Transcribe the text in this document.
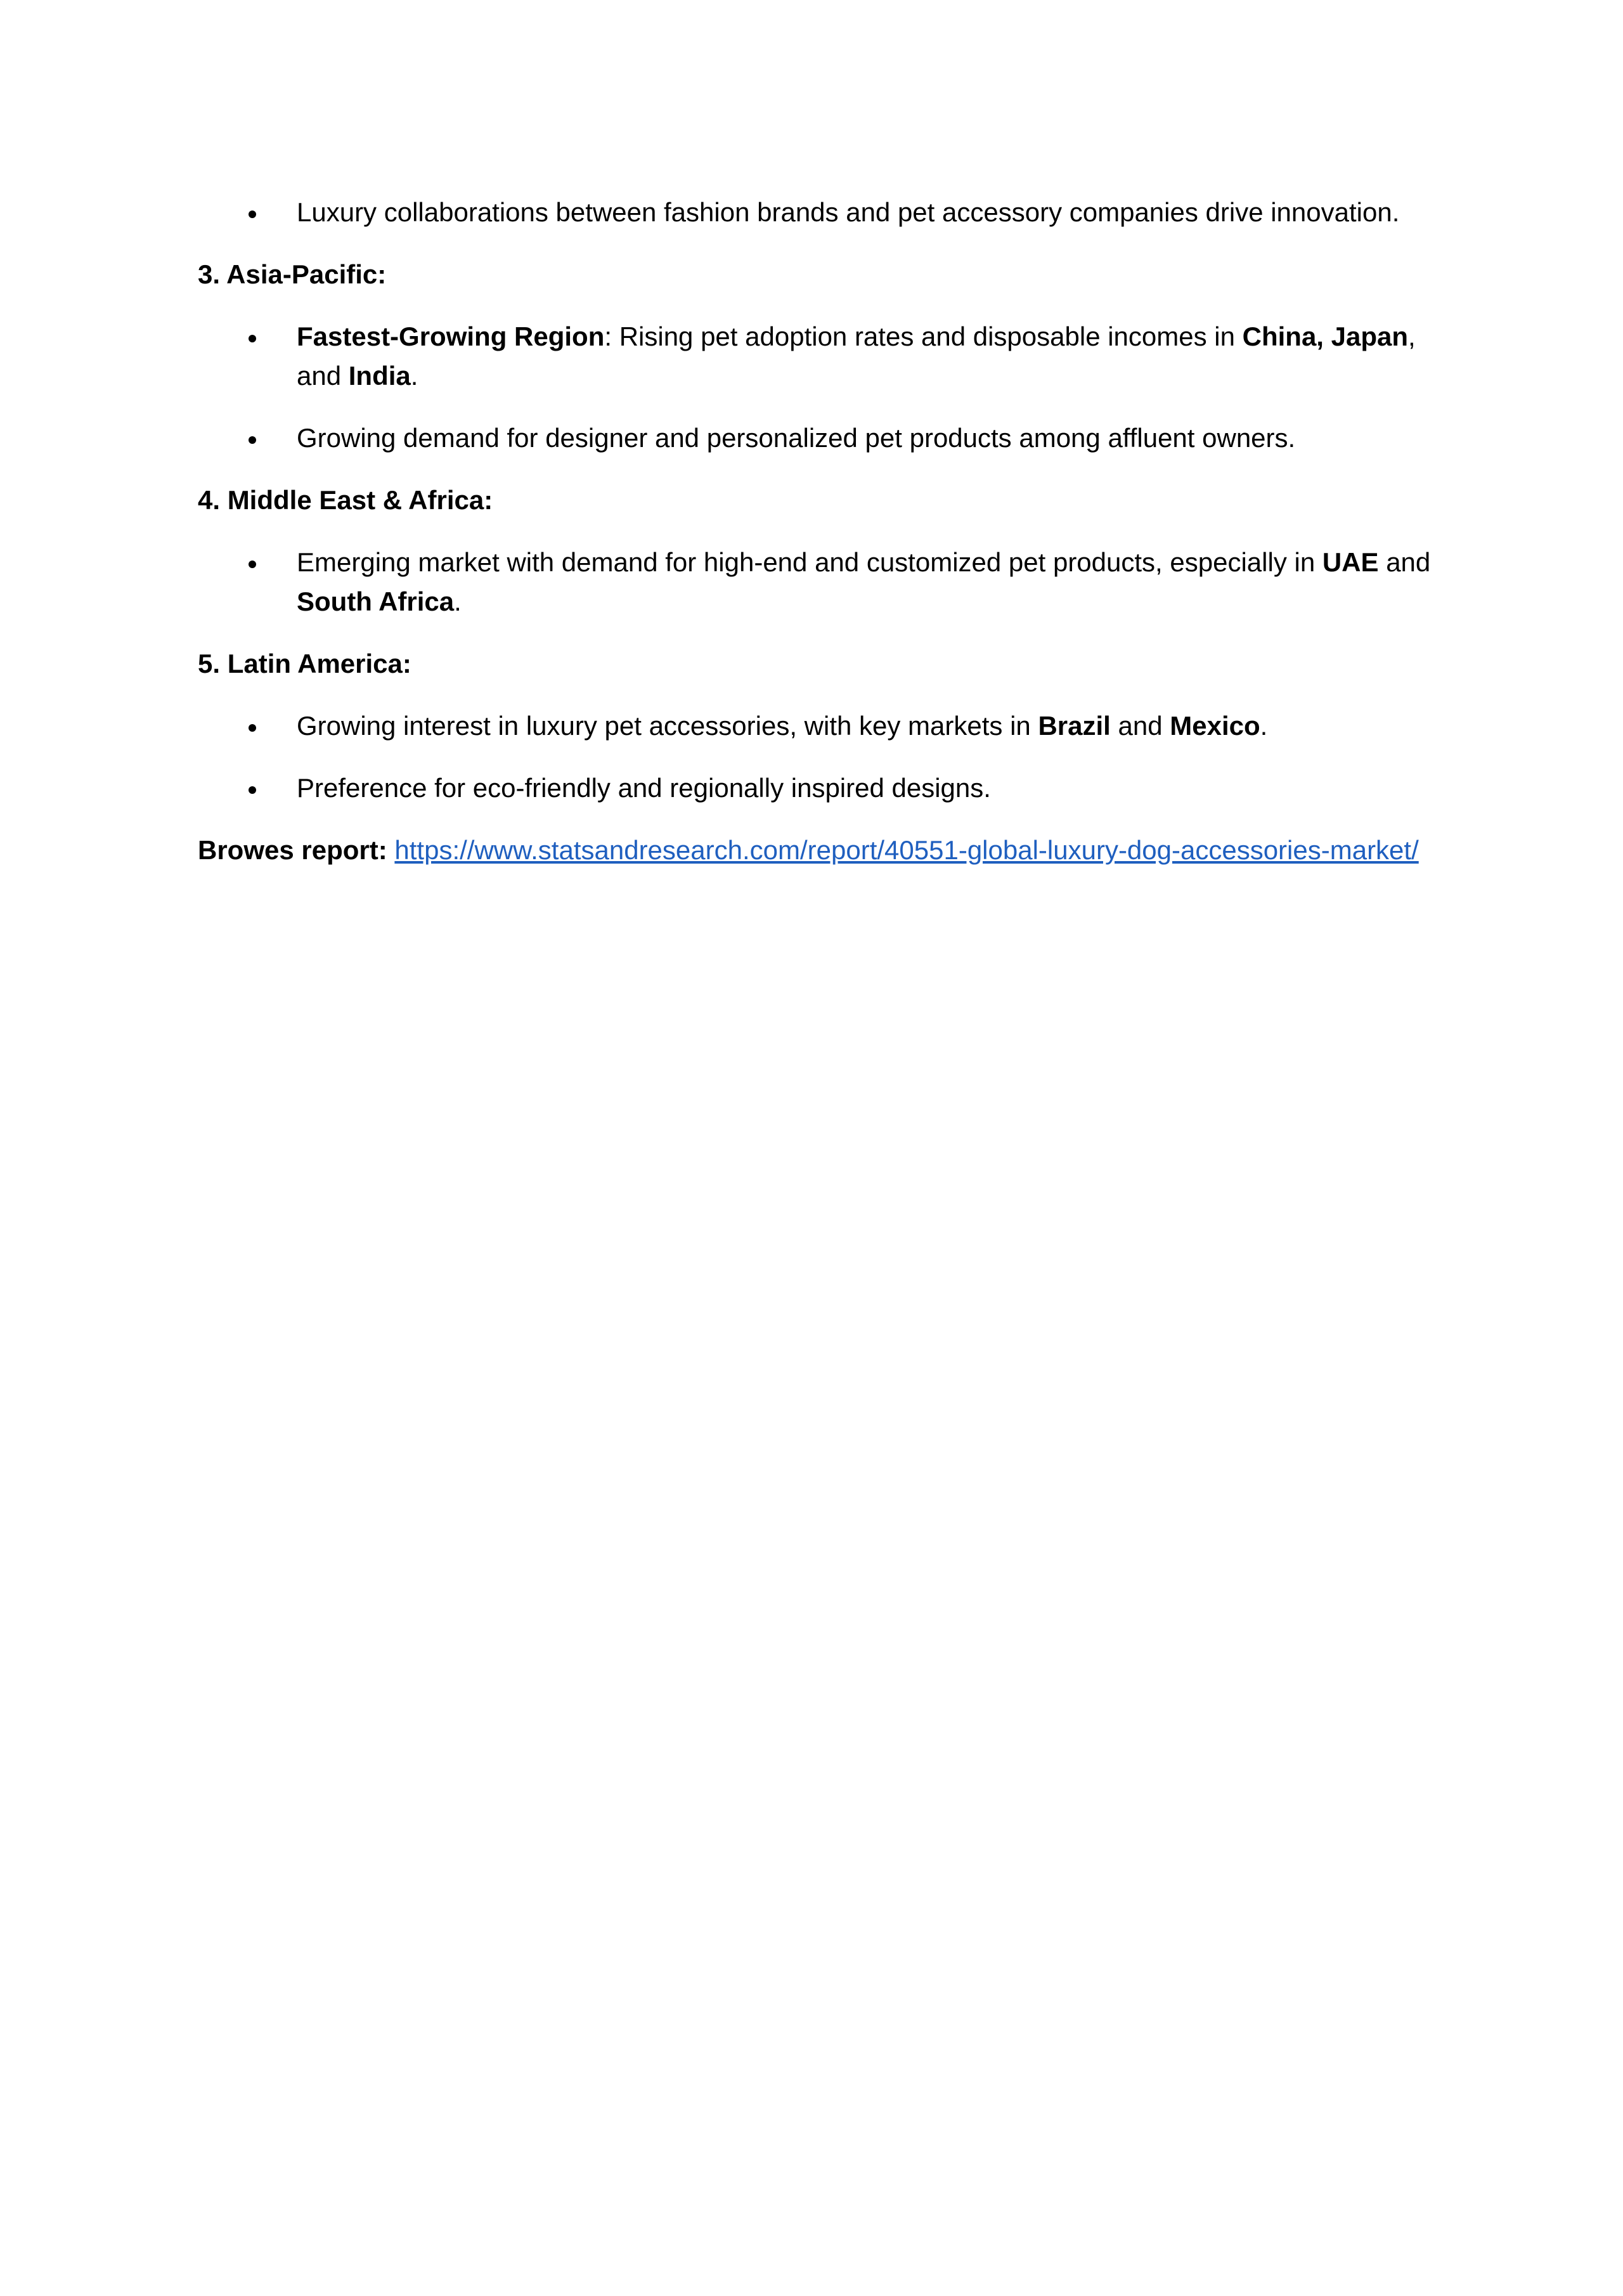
Luxury collaborations between fashion brands and pet accessory companies drive innovation.

3. Asia-Pacific:

Fastest-Growing Region: Rising pet adoption rates and disposable incomes in China, Japan, and India.
Growing demand for designer and personalized pet products among affluent owners.

4. Middle East & Africa:

Emerging market with demand for high-end and customized pet products, especially in UAE and South Africa.

5. Latin America:

Growing interest in luxury pet accessories, with key markets in Brazil and Mexico.
Preference for eco-friendly and regionally inspired designs.

Browes report: https://www.statsandresearch.com/report/40551-global-luxury-dog-accessories-market/
